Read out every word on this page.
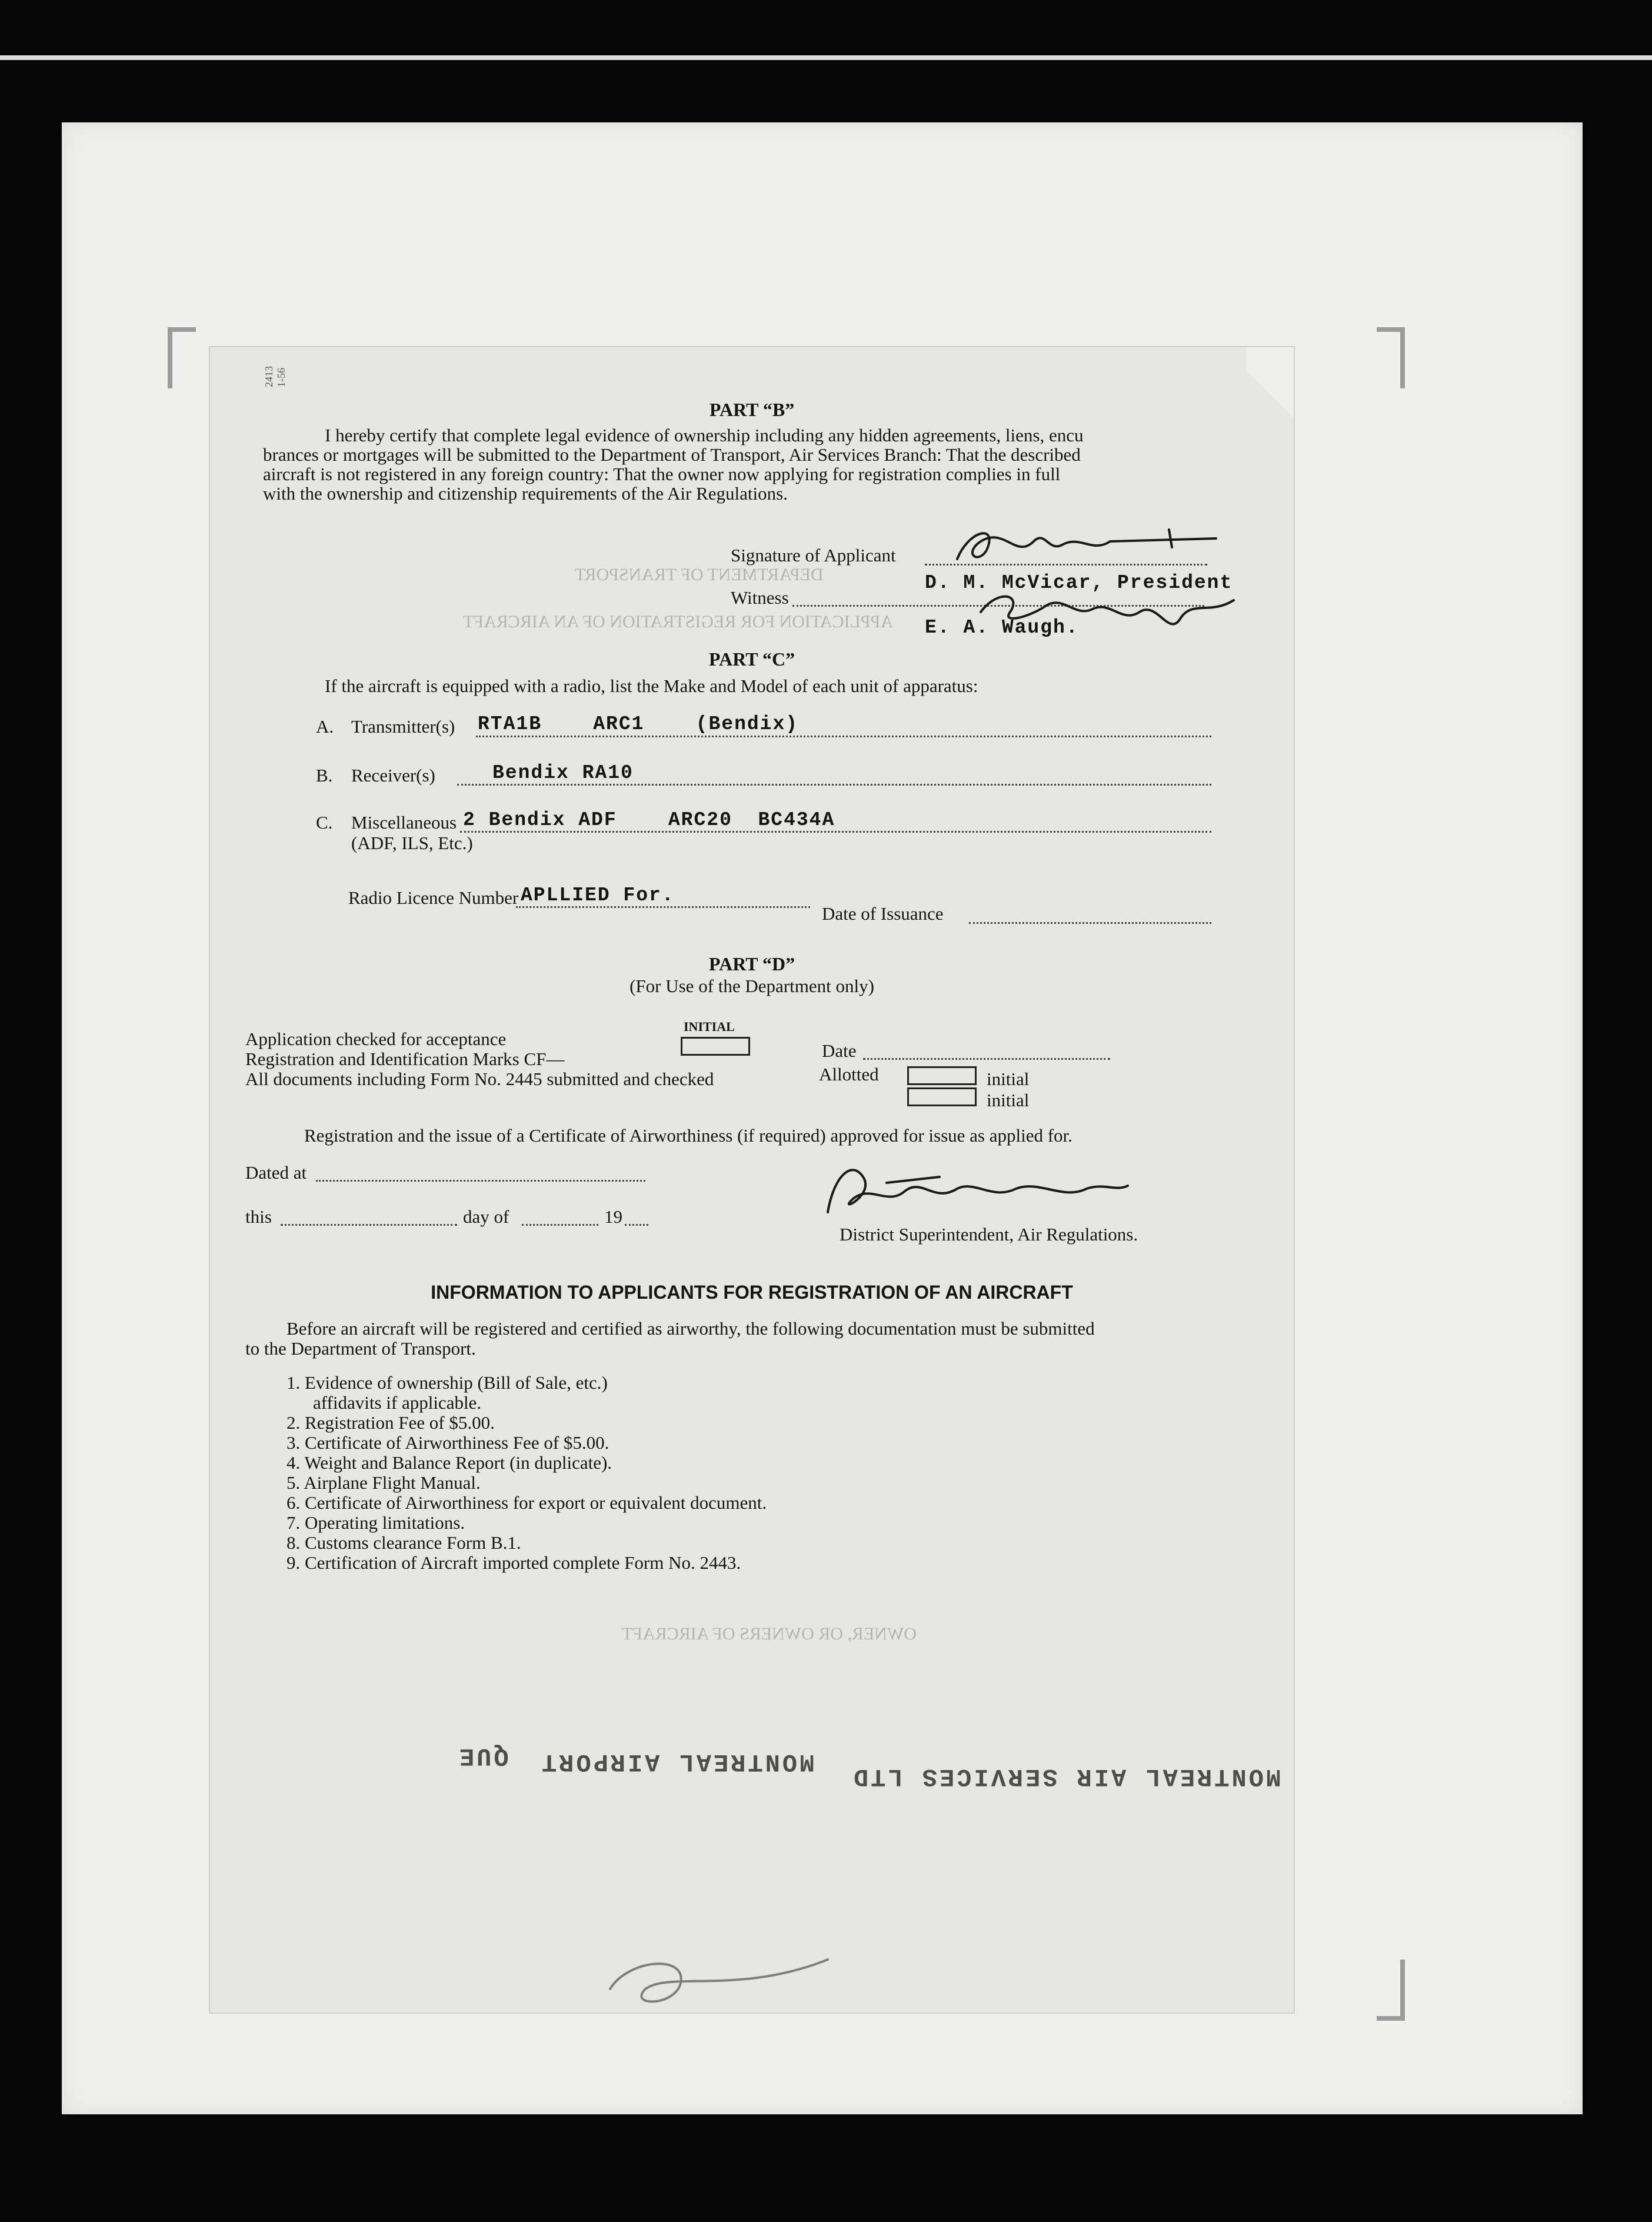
DEPARTMENT OF TRANSPORT
APPLICATION FOR REGISTRATION OF AN AIRCRAFT
OWNER, OR OWNERS OF AIRCRAFT
MONTREAL AIR SERVICES LTD
MONTREAL AIRPORT
QUE
2413
1-56
PART “B”
I hereby certify that complete legal evidence of ownership including any hidden agreements, liens, encu
brances or mortgages will be submitted to the Department of Transport, Air Services Branch: That the described
aircraft is not registered in any foreign country: That the owner now applying for registration complies in full
with the ownership and citizenship requirements of the Air Regulations.
Signature of Applicant
D. M. McVicar, President
Witness
E. A. Waugh.
PART “C”
If the aircraft is equipped with a radio, list the Make and Model of each unit of apparatus:
A. Transmitter(s) RTA1B    ARC1    (Bendix)
B. Receiver(s)	Bendix RA10
C. Miscellaneous
(ADF, ILS, Etc.)
2 Bendix ADF    ARC20  BC434A
Radio Licence Number APLLIED For.
Date of Issuance
PART “D”
(For Use of the Department only)
INITIAL
Application checked for acceptance
Date
Registration and Identification Marks CF—
Allotted	initial
All documents including Form No. 2445 submitted and checked
initial
Registration and the issue of a Certificate of Airworthiness (if required) approved for issue as applied for.
Dated at
this	day of	19
District Superintendent, Air Regulations.
INFORMATION TO APPLICANTS FOR REGISTRATION OF AN AIRCRAFT
Before an aircraft will be registered and certified as airworthy, the following documentation must be submitted
to the Department of Transport.
1. Evidence of ownership (Bill of Sale, etc.)
affidavits if applicable.
2. Registration Fee of $5.00.
3. Certificate of Airworthiness Fee of $5.00.
4. Weight and Balance Report (in duplicate).
5. Airplane Flight Manual.
6. Certificate of Airworthiness for export or equivalent document.
7. Operating limitations.
8. Customs clearance Form B.1.
9. Certification of Aircraft imported complete Form No. 2443.
